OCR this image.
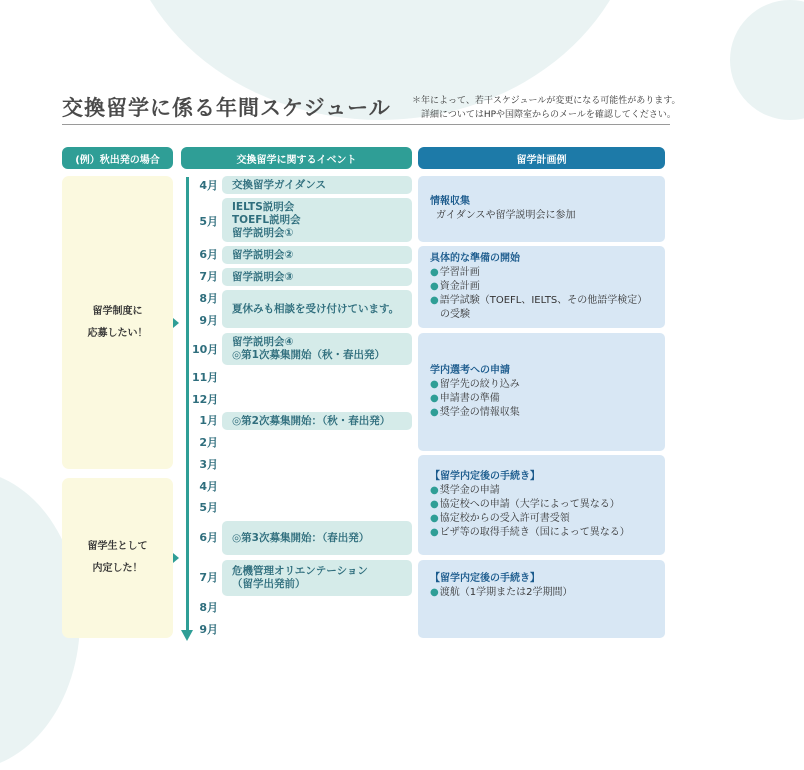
交換留学に係る年間スケジュール ＊年によって、若干スケジュールが変更になる可能性があります。
詳細についてはHPや国際室からのメールを確認してください。
(例）秋出発の場合	交換留学に関するイベント	留学計画例
留学制度に
応募したい！
留学生として
内定した！
4月
5月
6月
7月
8月
9月
10月
11月
12月
1月
2月
3月
4月
5月
6月
7月
8月
9月
交換留学ガイダンス
IELTS説明会
TOEFL説明会
留学説明会①
留学説明会②
留学説明会③
夏休みも相談を受け付けています。
留学説明会④
◎第1次募集開始（秋・春出発）
◎第2次募集開始：（秋・春出発）
◎第3次募集開始：（春出発）
危機管理オリエンテーション
（留学出発前）
情報収集
ガイダンスや留学説明会に参加
具体的な準備の開始
● 学習計画
● 資金計画
● 語学試験（TOEFL、IELTS、その他語学検定）
の受験
学内選考への申請
● 留学先の絞り込み
● 申請書の準備
● 奨学金の情報収集
【留学内定後の手続き】
● 奨学金の申請
● 協定校への申請（大学によって異なる）
● 協定校からの受入許可書受領
● ビザ等の取得手続き（国によって異なる）
【留学内定後の手続き】
● 渡航（1学期または2学期間）
